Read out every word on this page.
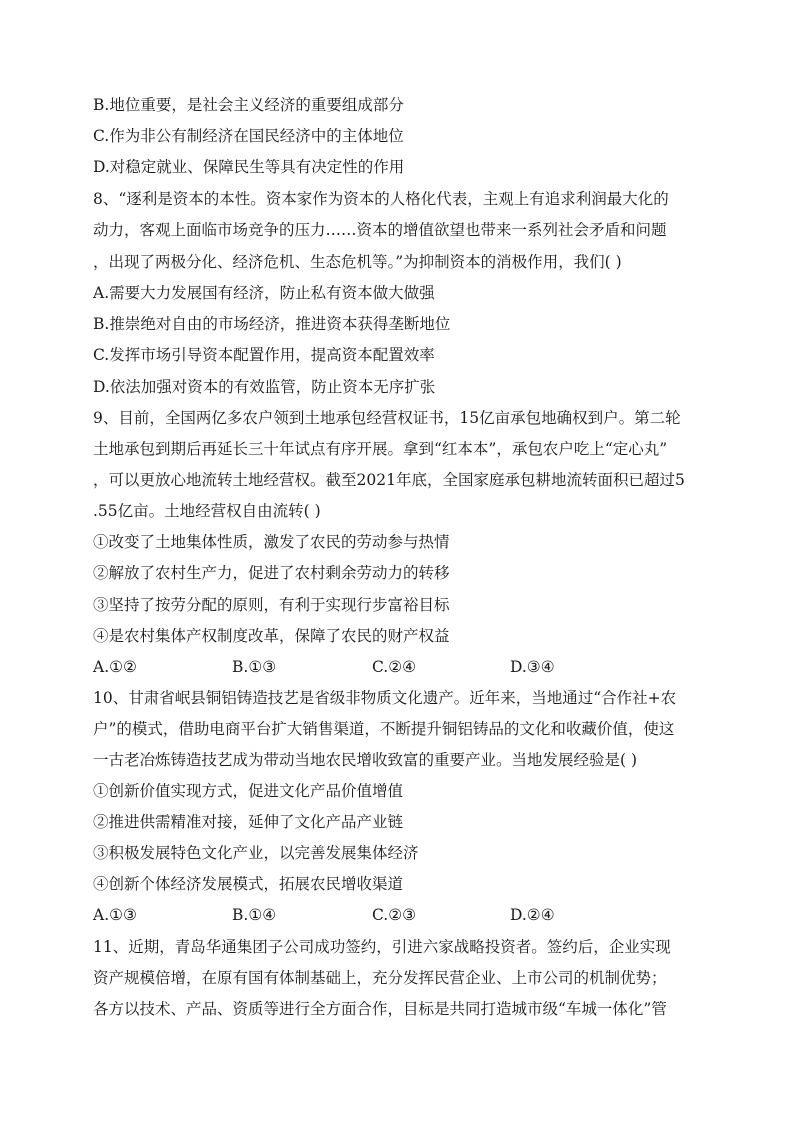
B.地位重要，是社会主义经济的重要组成部分
C.作为非公有制经济在国民经济中的主体地位
D.对稳定就业、保障民生等具有决定性的作用
8、“逐利是资本的本性。资本家作为资本的人格化代表，主观上有追求利润最大化的
动力，客观上面临市场竞争的压力……资本的增值欲望也带来一系列社会矛盾和问题
，出现了两极分化、经济危机、生态危机等。”为抑制资本的消极作用，我们( )
A.需要大力发展国有经济，防止私有资本做大做强
B.推崇绝对自由的市场经济，推进资本获得垄断地位
C.发挥市场引导资本配置作用，提高资本配置效率
D.依法加强对资本的有效监管，防止资本无序扩张
9、目前，全国两亿多农户领到土地承包经营权证书，15亿亩承包地确权到户。第二轮
土地承包到期后再延长三十年试点有序开展。拿到“红本本”，承包农户吃上“定心丸”
，可以更放心地流转土地经营权。截至2021年底，全国家庭承包耕地流转面积已超过5
.55亿亩。土地经营权自由流转( )
①改变了土地集体性质，激发了农民的劳动参与热情
②解放了农村生产力，促进了农村剩余劳动力的转移
③坚持了按劳分配的原则，有利于实现行步富裕目标
④是农村集体产权制度改革，保障了农民的财产权益
A.①②	B.①③	C.②④	D.③④
10、甘肃省岷县铜铝铸造技艺是省级非物质文化遗产。近年来，当地通过“合作社+农
户”的模式，借助电商平台扩大销售渠道，不断提升铜铝铸品的文化和收藏价值，使这
一古老冶炼铸造技艺成为带动当地农民增收致富的重要产业。当地发展经验是( )
①创新价值实现方式，促进文化产品价值增值
②推进供需精准对接，延伸了文化产品产业链
③积极发展特色文化产业，以完善发展集体经济
④创新个体经济发展模式，拓展农民增收渠道
A.①③	B.①④	C.②③	D.②④
11、近期，青岛华通集团子公司成功签约，引进六家战略投资者。签约后，企业实现
资产规模倍增，在原有国有体制基础上，充分发挥民营企业、上市公司的机制优势；
各方以技术、产品、资质等进行全方面合作，目标是共同打造城市级“车城一体化”管
